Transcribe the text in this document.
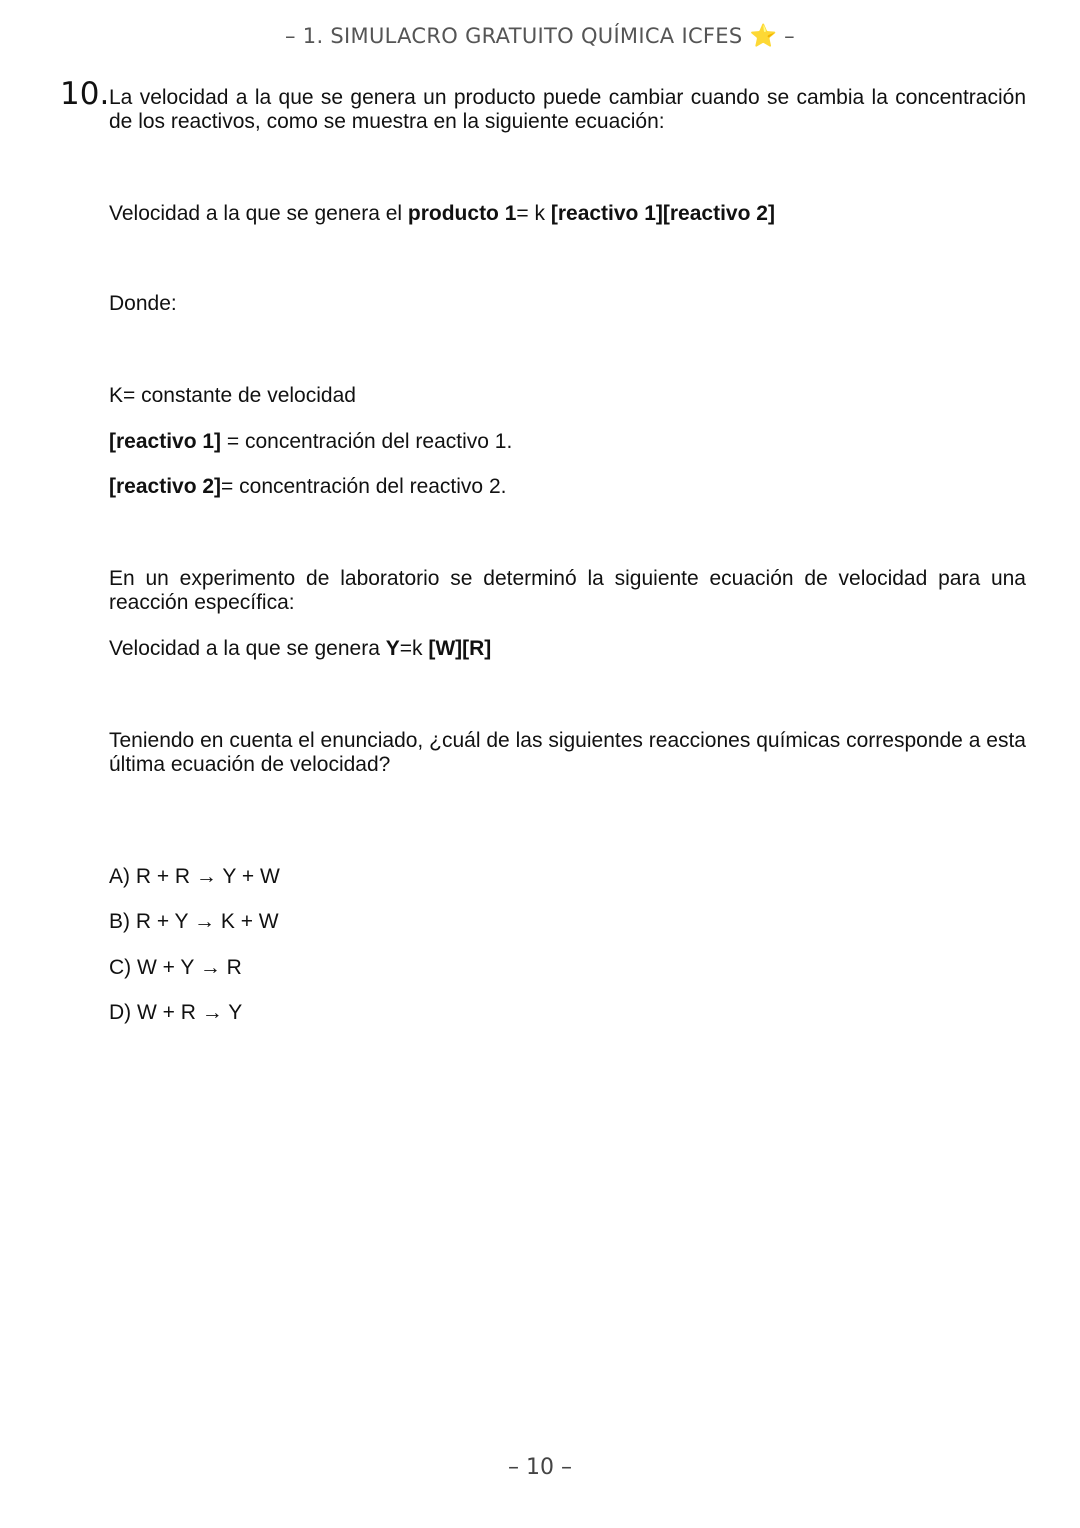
– 1. SIMULACRO GRATUITO QUÍMICA ICFES ⭐ –
10. La velocidad a la que se genera un producto puede cambiar cuando se cambia la concentración de los reactivos, como se muestra en la siguiente ecuación:

Velocidad a la que se genera el producto 1= k [reactivo 1][reactivo 2]

Donde:

K= constante de velocidad

[reactivo 1] = concentración del reactivo 1.

[reactivo 2]= concentración del reactivo 2.

En un experimento de laboratorio se determinó la siguiente ecuación de velocidad para una reacción específica:

Velocidad a la que se genera Y=k [W][R]

Teniendo en cuenta el enunciado, ¿cuál de las siguientes reacciones químicas corresponde a esta última ecuación de velocidad?

A) R + R → Y + W
B) R + Y → K + W
C) W + Y → R
D) W + R → Y
– 10 –
